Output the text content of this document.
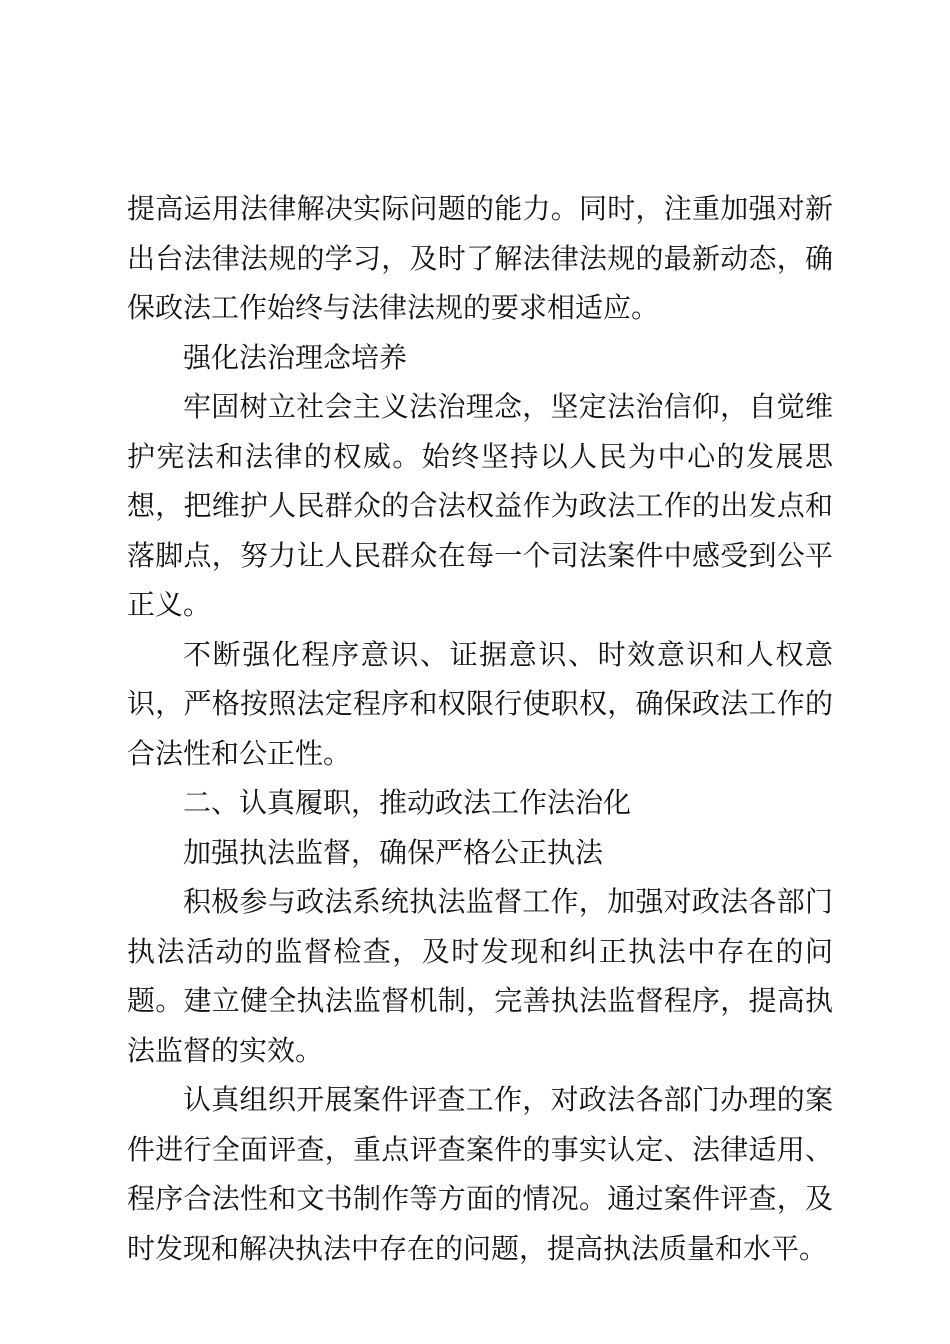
提高运用法律解决实际问题的能力。同时，注重加强对新出台法律法规的学习，及时了解法律法规的最新动态，确保政法工作始终与法律法规的要求相适应。

强化法治理念培养

牢固树立社会主义法治理念，坚定法治信仰，自觉维护宪法和法律的权威。始终坚持以人民为中心的发展思想，把维护人民群众的合法权益作为政法工作的出发点和落脚点，努力让人民群众在每一个司法案件中感受到公平正义。

不断强化程序意识、证据意识、时效意识和人权意识，严格按照法定程序和权限行使职权，确保政法工作的合法性和公正性。

二、认真履职，推动政法工作法治化

加强执法监督，确保严格公正执法

积极参与政法系统执法监督工作，加强对政法各部门执法活动的监督检查，及时发现和纠正执法中存在的问题。建立健全执法监督机制，完善执法监督程序，提高执法监督的实效。

认真组织开展案件评查工作，对政法各部门办理的案件进行全面评查，重点评查案件的事实认定、法律适用、程序合法性和文书制作等方面的情况。通过案件评查，及时发现和解决执法中存在的问题，提高执法质量和水平。
